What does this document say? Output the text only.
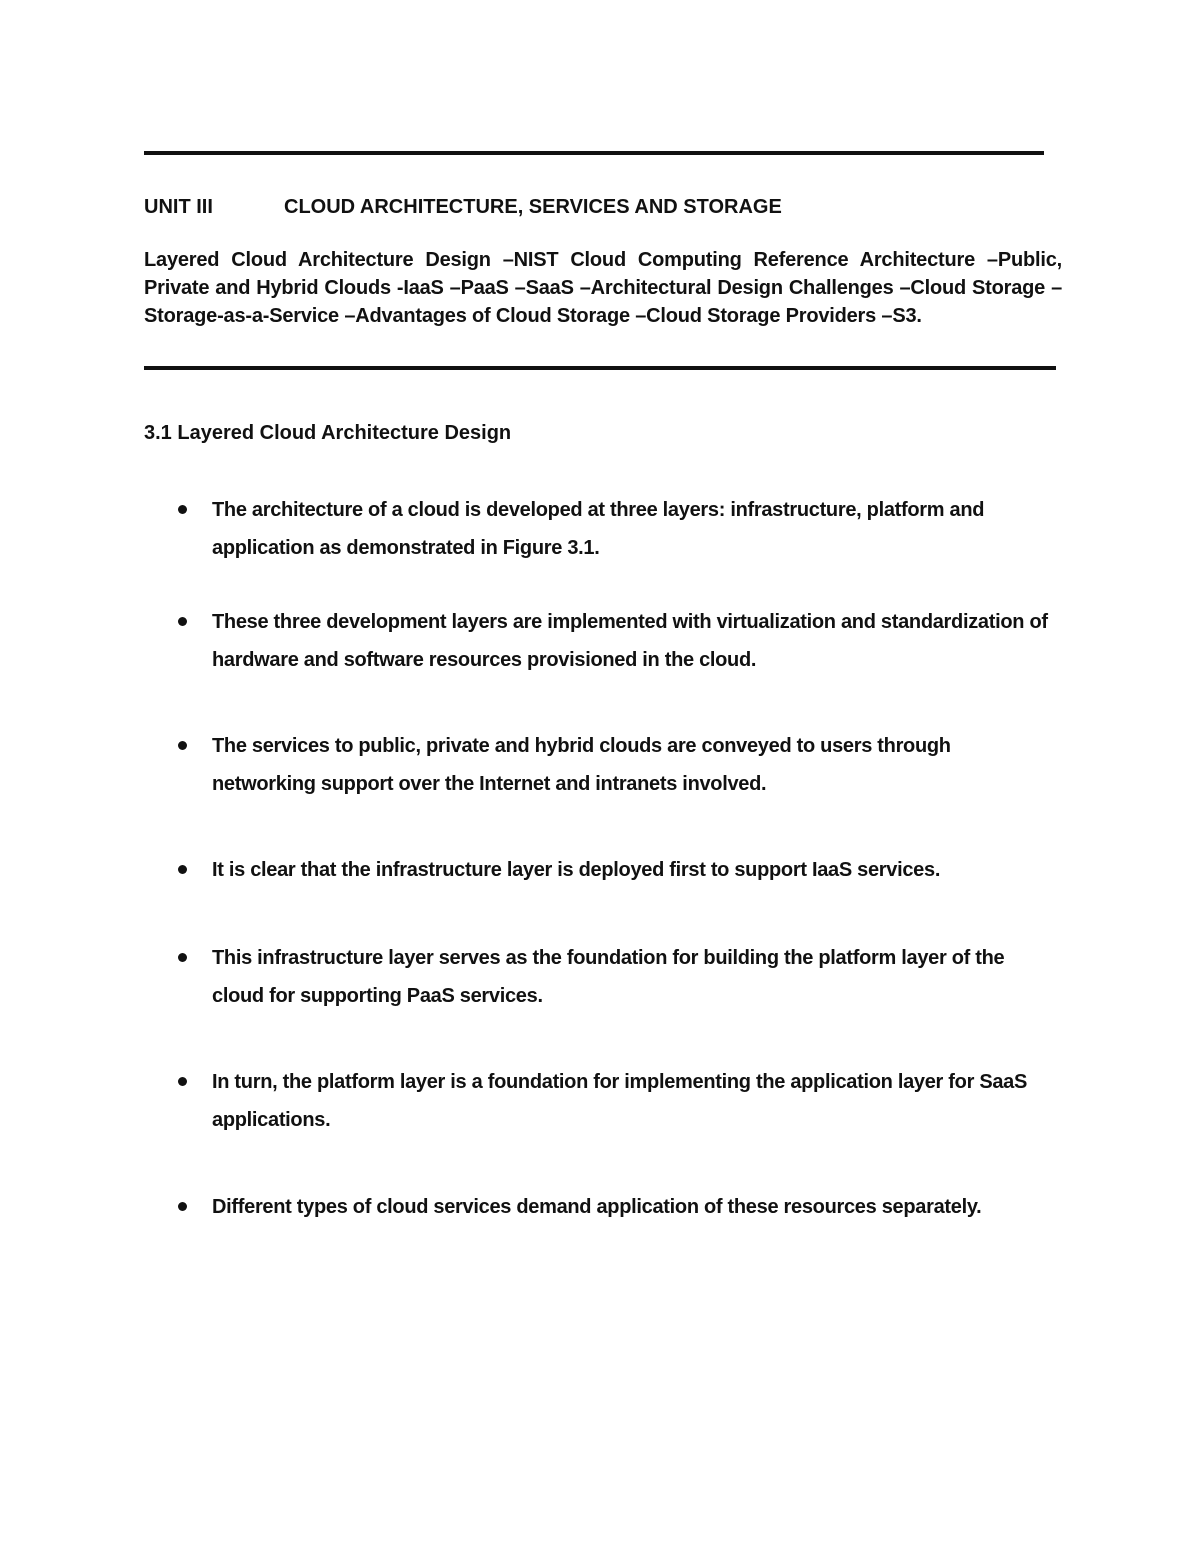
UNIT III	CLOUD ARCHITECTURE, SERVICES AND STORAGE

Layered Cloud Architecture Design –NIST Cloud Computing Reference Architecture –Public, Private and Hybrid Clouds -IaaS –PaaS –SaaS –Architectural Design Challenges –Cloud Storage –Storage-as-a-Service –Advantages of Cloud Storage –Cloud Storage Providers –S3.

3.1 Layered Cloud Architecture Design
The architecture of a cloud is developed at three layers: infrastructure, platform and application as demonstrated in Figure 3.1.
These three development layers are implemented with virtualization and standardization of hardware and software resources provisioned in the cloud.
The services to public, private and hybrid clouds are conveyed to users through networking support over the Internet and intranets involved.
It is clear that the infrastructure layer is deployed first to support IaaS services.
This infrastructure layer serves as the foundation for building the platform layer of the cloud for supporting PaaS services.
In turn, the platform layer is a foundation for implementing the application layer for SaaS applications.
Different types of cloud services demand application of these resources separately.
